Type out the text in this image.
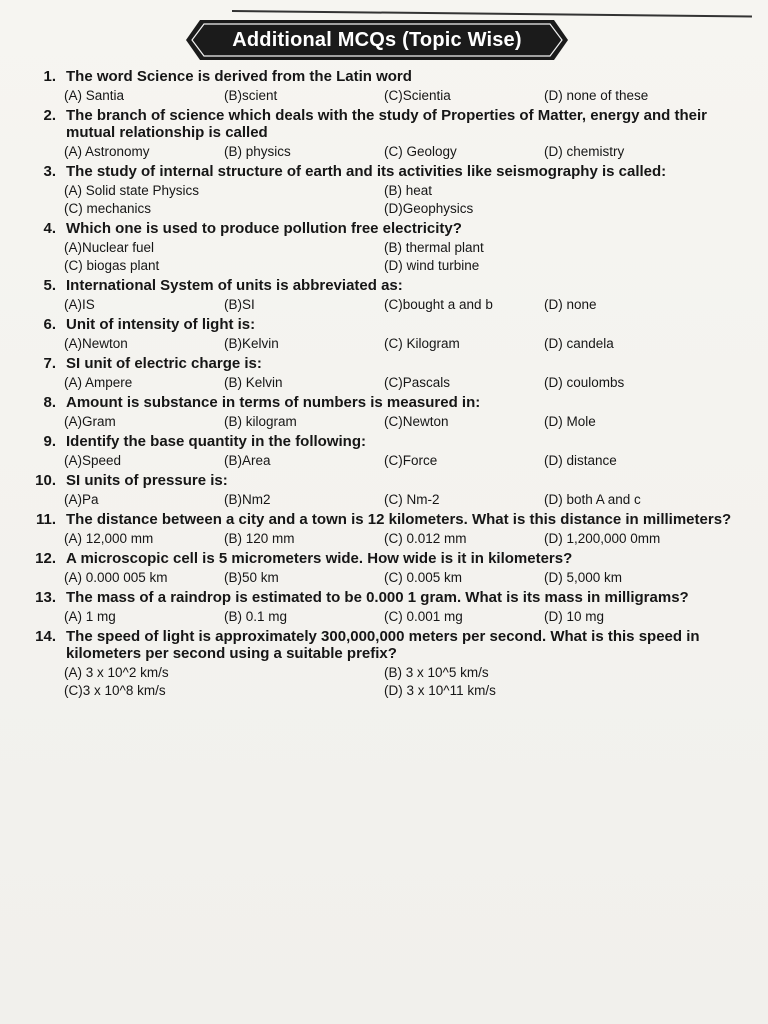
Additional MCQs (Topic Wise)
1. The word Science is derived from the Latin word
(A) Santia	(B)scient	(C)Scientia	(D) none of these
2. The branch of science which deals with the study of Properties of Matter, energy and their mutual relationship is called
(A) Astronomy	(B) physics	(C) Geology	(D) chemistry
3. The study of internal structure of earth and its activities like seismography is called:
(A) Solid state Physics	(B) heat
(C) mechanics	(D)Geophysics
4. Which one is used to produce pollution free electricity?
(A)Nuclear fuel	(B) thermal plant
(C) biogas plant	(D) wind turbine
5. International System of units is abbreviated as:
(A)IS	(B)SI	(C)bought a and b	(D) none
6. Unit of intensity of light is:
(A)Newton	(B)Kelvin	(C) Kilogram	(D) candela
7. SI unit of electric charge is:
(A) Ampere	(B) Kelvin	(C)Pascals	(D) coulombs
8. Amount is substance in terms of numbers is measured in:
(A)Gram	(B) kilogram	(C)Newton	(D) Mole
9. Identify the base quantity in the following:
(A)Speed	(B)Area	(C)Force	(D) distance
10. SI units of pressure is:
(A)Pa	(B)Nm2	(C) Nm-2	(D) both A and c
11. The distance between a city and a town is 12 kilometers. What is this distance in millimeters?
(A) 12,000 mm	(B) 120 mm	(C) 0.012 mm	(D) 1,200,000 0mm
12. A microscopic cell is 5 micrometers wide. How wide is it in kilometers?
(A) 0.000 005 km	(B)50 km	(C) 0.005 km	(D) 5,000 km
13. The mass of a raindrop is estimated to be 0.000 1 gram. What is its mass in milligrams?
(A) 1 mg	(B) 0.1 mg	(C) 0.001 mg	(D) 10 mg
14. The speed of light is approximately 300,000,000 meters per second. What is this speed in kilometers per second using a suitable prefix?
(A) 3 x 10^2 km/s	(B) 3 x 10^5 km/s
(C)3 x 10^8 km/s	(D) 3 x 10^11 km/s
